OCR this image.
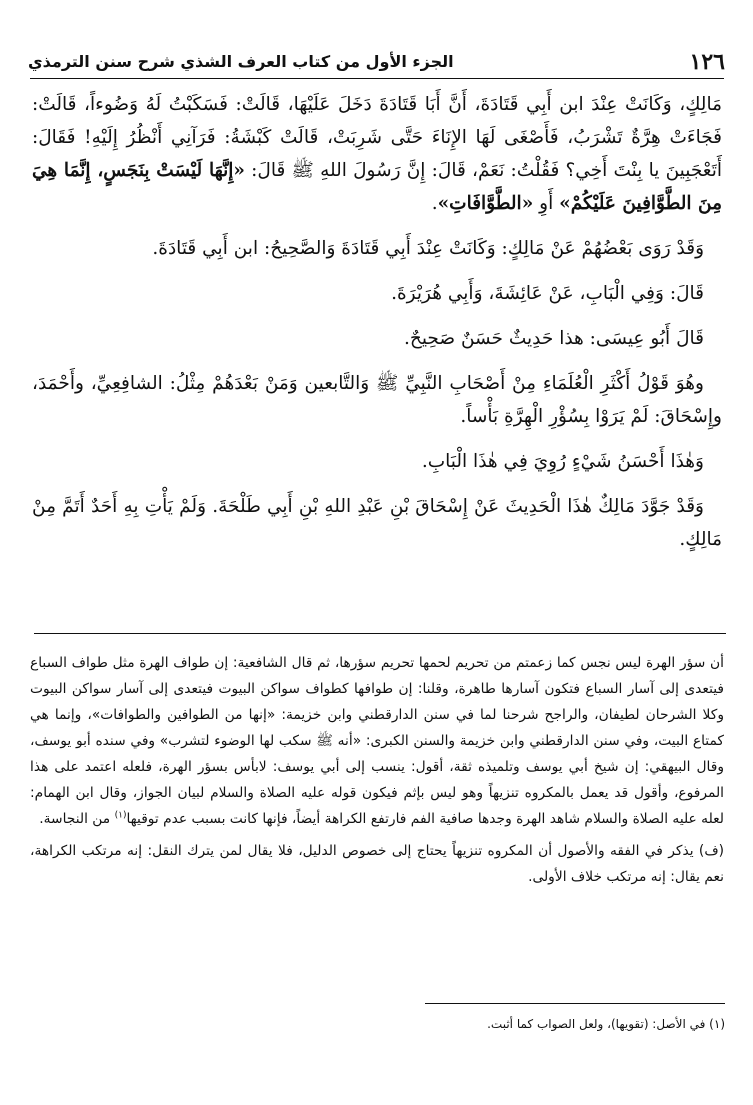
١٢٦
الجزء الأول من كتاب العرف الشذي شرح سنن الترمذي

مَالِكٍ، وَكَانَتْ عِنْدَ ابن أَبِي قَتَادَةَ، أَنَّ أَبَا قَتَادَةَ دَخَلَ عَلَيْهَا، قَالَتْ: فَسَكَبْتُ لَهُ وَضُوءاً، قَالَتْ: فَجَاءَتْ هِرَّةٌ تَشْرَبُ، فَأَصْغَى لَهَا الإِنَاءَ حَتَّى شَرِبَتْ، قَالَتْ كَبْشَةُ: فَرَآنِي أَنْظُرُ إِلَيْهِ! فَقَالَ: أَتَعْجَبِينَ يا بِنْتَ أَخِي؟ فَقُلْتُ: نَعَمْ، قَالَ: إِنَّ رَسُولَ اللهِ ﷺ قَالَ: «إِنَّهَا لَيْسَتْ بِنَجَسٍ، إِنَّمَا هِيَ مِنَ الطَّوَّافِينَ عَلَيْكُمْ» أَوِ «الطَّوَّافَاتِ».

وَقَدْ رَوَى بَعْضُهُمْ عَنْ مَالِكٍ: وَكَانَتْ عِنْدَ أَبِي قَتَادَةَ وَالصَّحِيحُ: ابن أَبِي قَتَادَةَ.

قَالَ: وَفِي الْبَابِ، عَنْ عَائِشَةَ، وَأَبِي هُرَيْرَةَ.

قَالَ أَبُو عِيسَى: هذا حَدِيثٌ حَسَنٌ صَحِيحٌ.

وهُوَ قَوْلُ أَكْثَرِ الْعُلَمَاءِ مِنْ أَصْحَابِ النَّبِيِّ ﷺ وَالتَّابعين وَمَنْ بَعْدَهُمْ مِثْلُ: الشافِعِيِّ، وأَحْمَدَ، وإِسْحَاقَ: لَمْ يَرَوْا بِسُؤْرِ الْهِرَّةِ بَأْساً.

وَهٰذَا أَحْسَنُ شَيْءٍ رُوِيَ فِي هٰذَا الْبَابِ.

وَقَدْ جَوَّدَ مَالِكٌ هٰذَا الْحَدِيثَ عَنْ إِسْحَاقَ بْنِ عَبْدِ اللهِ بْنِ أَبِي طَلْحَةَ. وَلَمْ يَأْتِ بِهِ أَحَدٌ أَتَمَّ مِنْ مَالِكٍ.

أن سؤر الهرة ليس نجس كما زعمتم من تحريم لحمها تحريم سؤرها، ثم قال الشافعية: إن طواف الهرة مثل طواف السباع فيتعدى إلى آسار السباع فتكون آسارها طاهرة، وقلنا: إن طوافها كطواف سواكن البيوت فيتعدى إلى آسار سواكن البيوت وكلا الشرحان لطيفان، والراجح شرحنا لما في سنن الدارقطني وابن خزيمة: «إنها من الطوافين والطوافات»، وإنما هي كمتاع البيت، وفي سنن الدارقطني وابن خزيمة والسنن الكبرى: «أنه ﷺ سكب لها الوضوء لتشرب» وفي سنده أبو يوسف، وقال البيهقي: إن شيخ أبي يوسف وتلميذه ثقة، أقول: ينسب إلى أبي يوسف: لابأس بسؤر الهرة، فلعله اعتمد على هذا المرفوع، وأقول قد يعمل بالمكروه تنزيهاً وهو ليس بإثم فيكون قوله عليه الصلاة والسلام لبيان الجواز، وقال ابن الهمام: لعله عليه الصلاة والسلام شاهد الهرة وجدها صافية الفم فارتفع الكراهة أيضاً، فإنها كانت بسبب عدم توقيها$^{(١)}$ من النجاسة.

(ف) يذكر في الفقه والأصول أن المكروه تنزيهاً يحتاج إلى خصوص الدليل، فلا يقال لمن يترك النقل: إنه مرتكب الكراهة، نعم يقال: إنه مرتكب خلاف الأولى.

(١) في الأصل: (تقويها)، ولعل الصواب كما أثبت.
